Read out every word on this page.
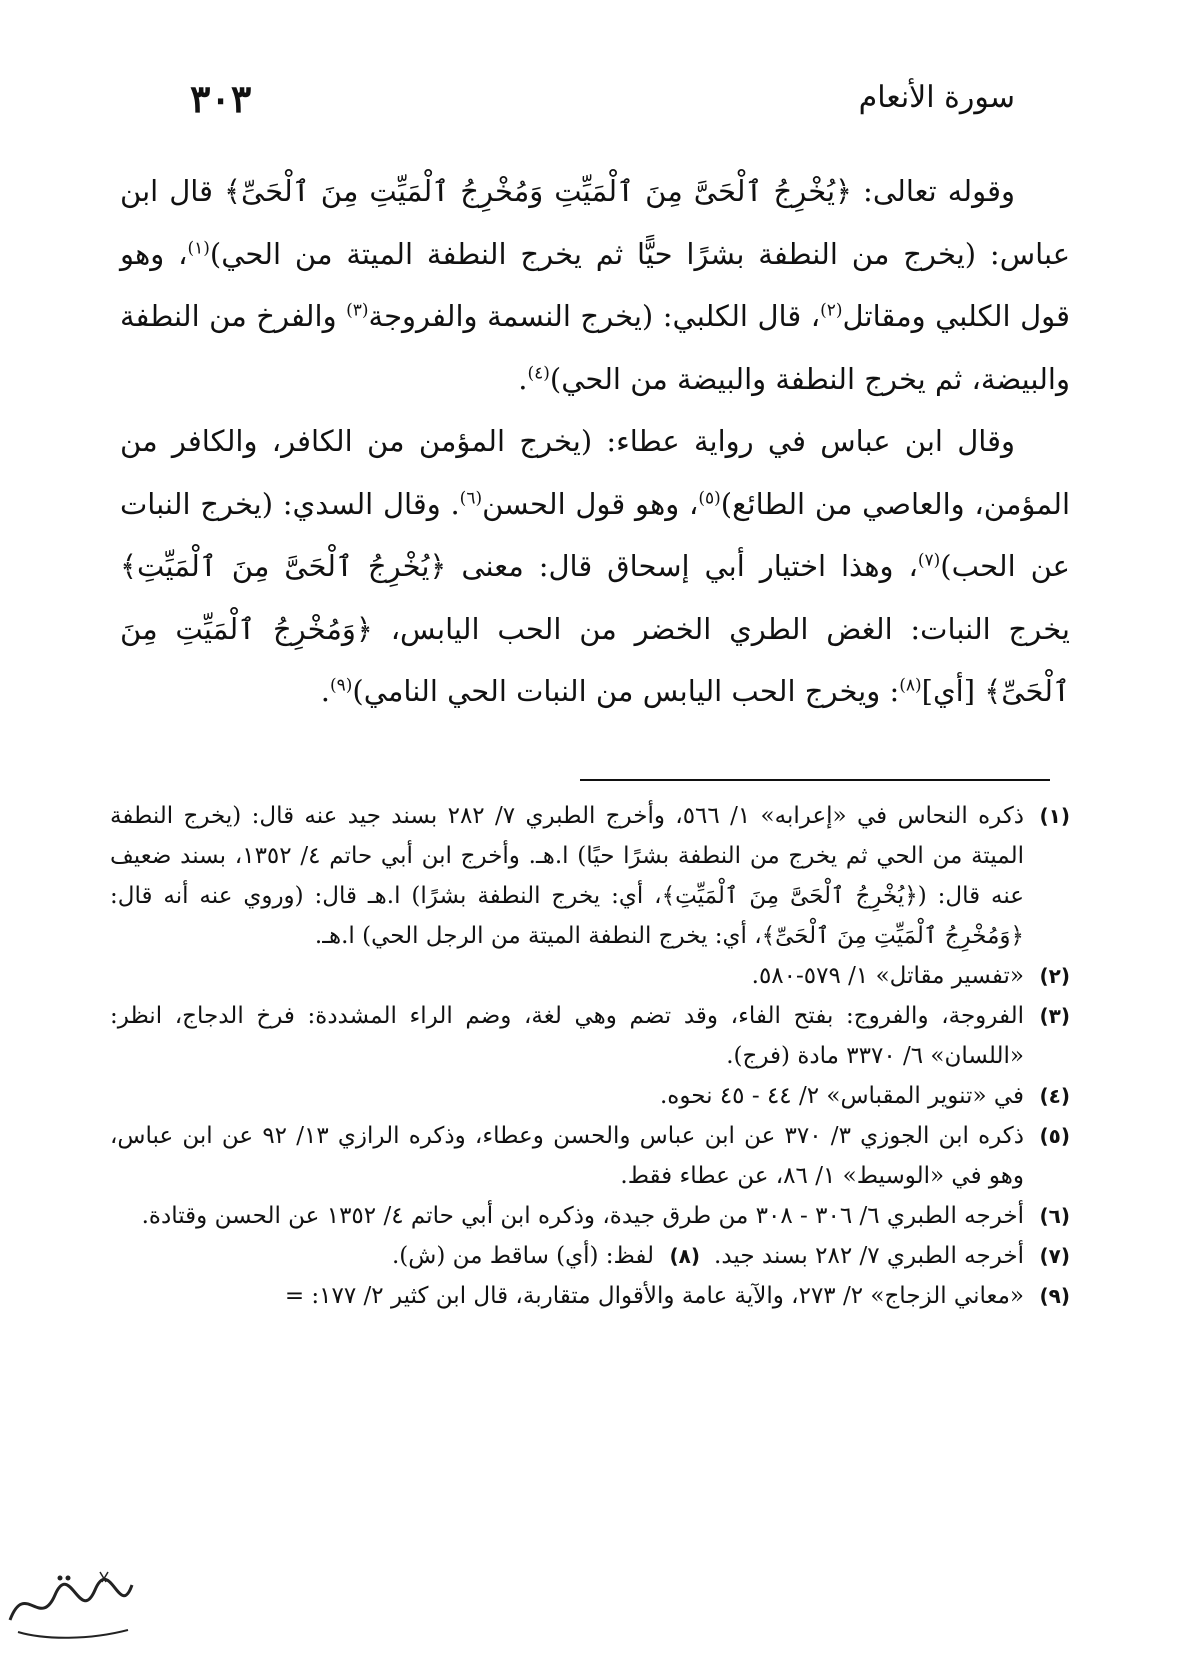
سورة الأنعام
٣٠٣

وقوله تعالى: ﴿يُخْرِجُ ٱلْحَىَّ مِنَ ٱلْمَيِّتِ وَمُخْرِجُ ٱلْمَيِّتِ مِنَ ٱلْحَىِّ﴾ قال ابن عباس: (يخرج من النطفة بشرًا حيًّا ثم يخرج النطفة الميتة من الحي)$^{(١)}$، وهو قول الكلبي ومقاتل$^{(٢)}$، قال الكلبي: (يخرج النسمة والفروجة$^{(٣)}$ والفرخ من النطفة والبيضة، ثم يخرج النطفة والبيضة من الحي)$^{(٤)}$.

وقال ابن عباس في رواية عطاء: (يخرج المؤمن من الكافر، والكافر من المؤمن، والعاصي من الطائع)$^{(٥)}$، وهو قول الحسن$^{(٦)}$. وقال السدي: (يخرج النبات عن الحب)$^{(٧)}$، وهذا اختيار أبي إسحاق قال: معنى ﴿يُخْرِجُ ٱلْحَىَّ مِنَ ٱلْمَيِّتِ﴾ يخرج النبات: الغض الطري الخضر من الحب اليابس، ﴿وَمُخْرِجُ ٱلْمَيِّتِ مِنَ ٱلْحَىِّ﴾ [أي]$^{(٨)}$: ويخرج الحب اليابس من النبات الحي النامي)$^{(٩)}$.

(١)
ذكره النحاس في «إعرابه» ١/ ٥٦٦، وأخرج الطبري ٧/ ٢٨٢ بسند جيد عنه قال: (يخرج النطفة الميتة من الحي ثم يخرج من النطفة بشرًا حيًا) ا.هـ. وأخرج ابن أبي حاتم ٤/ ١٣٥٢، بسند ضعيف عنه قال: (﴿يُخْرِجُ ٱلْحَىَّ مِنَ ٱلْمَيِّتِ﴾، أي: يخرج النطفة بشرًا) ا.هـ قال: (وروي عنه أنه قال: ﴿وَمُخْرِجُ ٱلْمَيِّتِ مِنَ ٱلْحَىِّ﴾، أي: يخرج النطفة الميتة من الرجل الحي) ا.هـ.
(٢)
«تفسير مقاتل» ١/ ٥٧٩-٥٨٠.
(٣)
الفروجة، والفروج: بفتح الفاء، وقد تضم وهي لغة، وضم الراء المشددة: فرخ الدجاج، انظر: «اللسان» ٦/ ٣٣٧٠ مادة (فرج).
(٤)
في «تنوير المقباس» ٢/ ٤٤ - ٤٥ نحوه.
(٥)
ذكره ابن الجوزي ٣/ ٣٧٠ عن ابن عباس والحسن وعطاء، وذكره الرازي ١٣/ ٩٢ عن ابن عباس، وهو في «الوسيط» ١/ ٨٦، عن عطاء فقط.
(٦)
أخرجه الطبري ٦/ ٣٠٦ - ٣٠٨ من طرق جيدة، وذكره ابن أبي حاتم ٤/ ١٣٥٢ عن الحسن وقتادة.
(٧)
أخرجه الطبري ٧/ ٢٨٢ بسند جيد.
(٨)
لفظ: (أي) ساقط من (ش).
(٩)
«معاني الزجاج» ٢/ ٢٧٣، والآية عامة والأقوال متقاربة، قال ابن كثير ٢/ ١٧٧: =
